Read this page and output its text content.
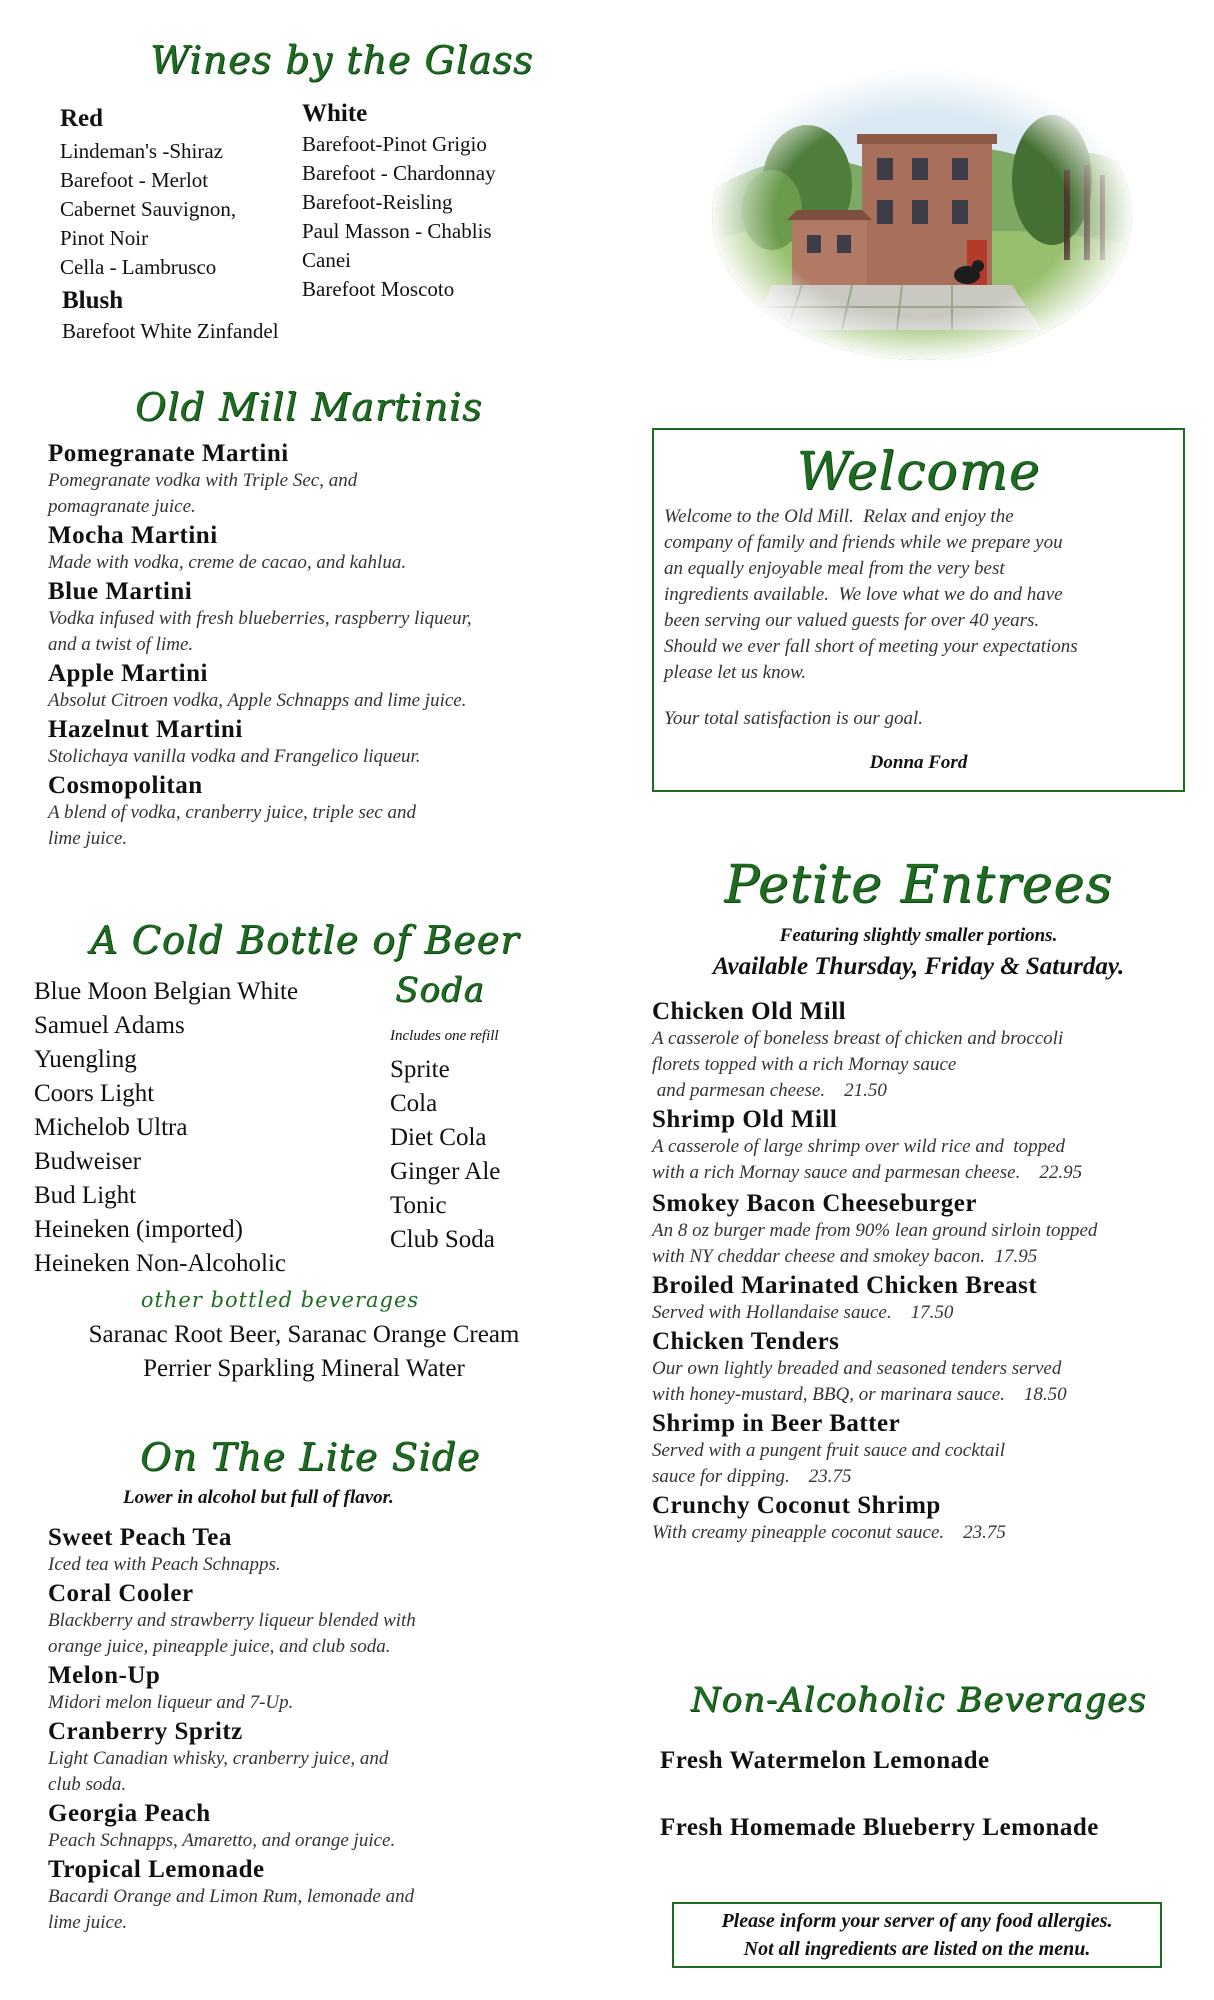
Wines by the Glass
Red
Lindeman's -Shiraz
Barefoot - Merlot
Cabernet Sauvignon,
Pinot Noir
Cella - Lambrusco
Blush
Barefoot White Zinfandel
White
Barefoot-Pinot Grigio
Barefoot - Chardonnay
Barefoot-Reisling
Paul Masson - Chablis
Canei
Barefoot Moscoto
Old Mill Martinis
Pomegranate Martini
Pomegranate vodka with Triple Sec, and
pomagranate juice.
Mocha Martini
Made with vodka, creme de cacao, and kahlua.
Blue Martini
Vodka infused with fresh blueberries, raspberry liqueur,
and a twist of lime.
Apple Martini
Absolut Citroen vodka, Apple Schnapps and lime juice.
Hazelnut Martini
Stolichaya vanilla vodka and Frangelico liqueur.
Cosmopolitan
A blend of vodka, cranberry juice, triple sec and
lime juice.
A Cold Bottle of Beer
Blue Moon Belgian White
Samuel Adams
Yuengling
Coors Light
Michelob Ultra
Budweiser
Bud Light
Heineken (imported)
Heineken Non-Alcoholic
Soda
Includes one refill
Sprite
Cola
Diet Cola
Ginger Ale
Tonic
Club Soda
other bottled beverages
Saranac Root Beer, Saranac Orange Cream
Perrier Sparkling Mineral Water
On The Lite Side
Lower in alcohol but full of flavor.
Sweet Peach Tea
Iced tea with Peach Schnapps.
Coral Cooler
Blackberry and strawberry liqueur blended with
orange juice, pineapple juice, and club soda.
Melon-Up
Midori melon liqueur and 7-Up.
Cranberry Spritz
Light Canadian whisky, cranberry juice, and
club soda.
Georgia Peach
Peach Schnapps, Amaretto, and orange juice.
Tropical Lemonade
Bacardi Orange and Limon Rum, lemonade and
lime juice.
Welcome
Welcome to the Old Mill.  Relax and enjoy the
company of family and friends while we prepare you
an equally enjoyable meal from the very best
ingredients available.  We love what we do and have
been serving our valued guests for over 40 years.
Should we ever fall short of meeting your expectations
please let us know.
Your total satisfaction is our goal.
Donna Ford
Petite Entrees
Featuring slightly smaller portions.
Available Thursday, Friday & Saturday.
Chicken Old Mill
A casserole of boneless breast of chicken and broccoli
florets topped with a rich Mornay sauce
and parmesan cheese.    21.50
Shrimp Old Mill
A casserole of large shrimp over wild rice and  topped
with a rich Mornay sauce and parmesan cheese.    22.95
Smokey Bacon Cheeseburger
An 8 oz burger made from 90% lean ground sirloin topped
with NY cheddar cheese and smokey bacon.  17.95
Broiled Marinated Chicken Breast
Served with Hollandaise sauce.    17.50
Chicken Tenders
Our own lightly breaded and seasoned tenders served
with honey-mustard, BBQ, or marinara sauce.    18.50
Shrimp in Beer Batter
Served with a pungent fruit sauce and cocktail
sauce for dipping.    23.75
Crunchy Coconut Shrimp
With creamy pineapple coconut sauce.    23.75
Non-Alcoholic Beverages
Fresh Watermelon Lemonade
Fresh Homemade Blueberry Lemonade
Please inform your server of any food allergies.
Not all ingredients are listed on the menu.
